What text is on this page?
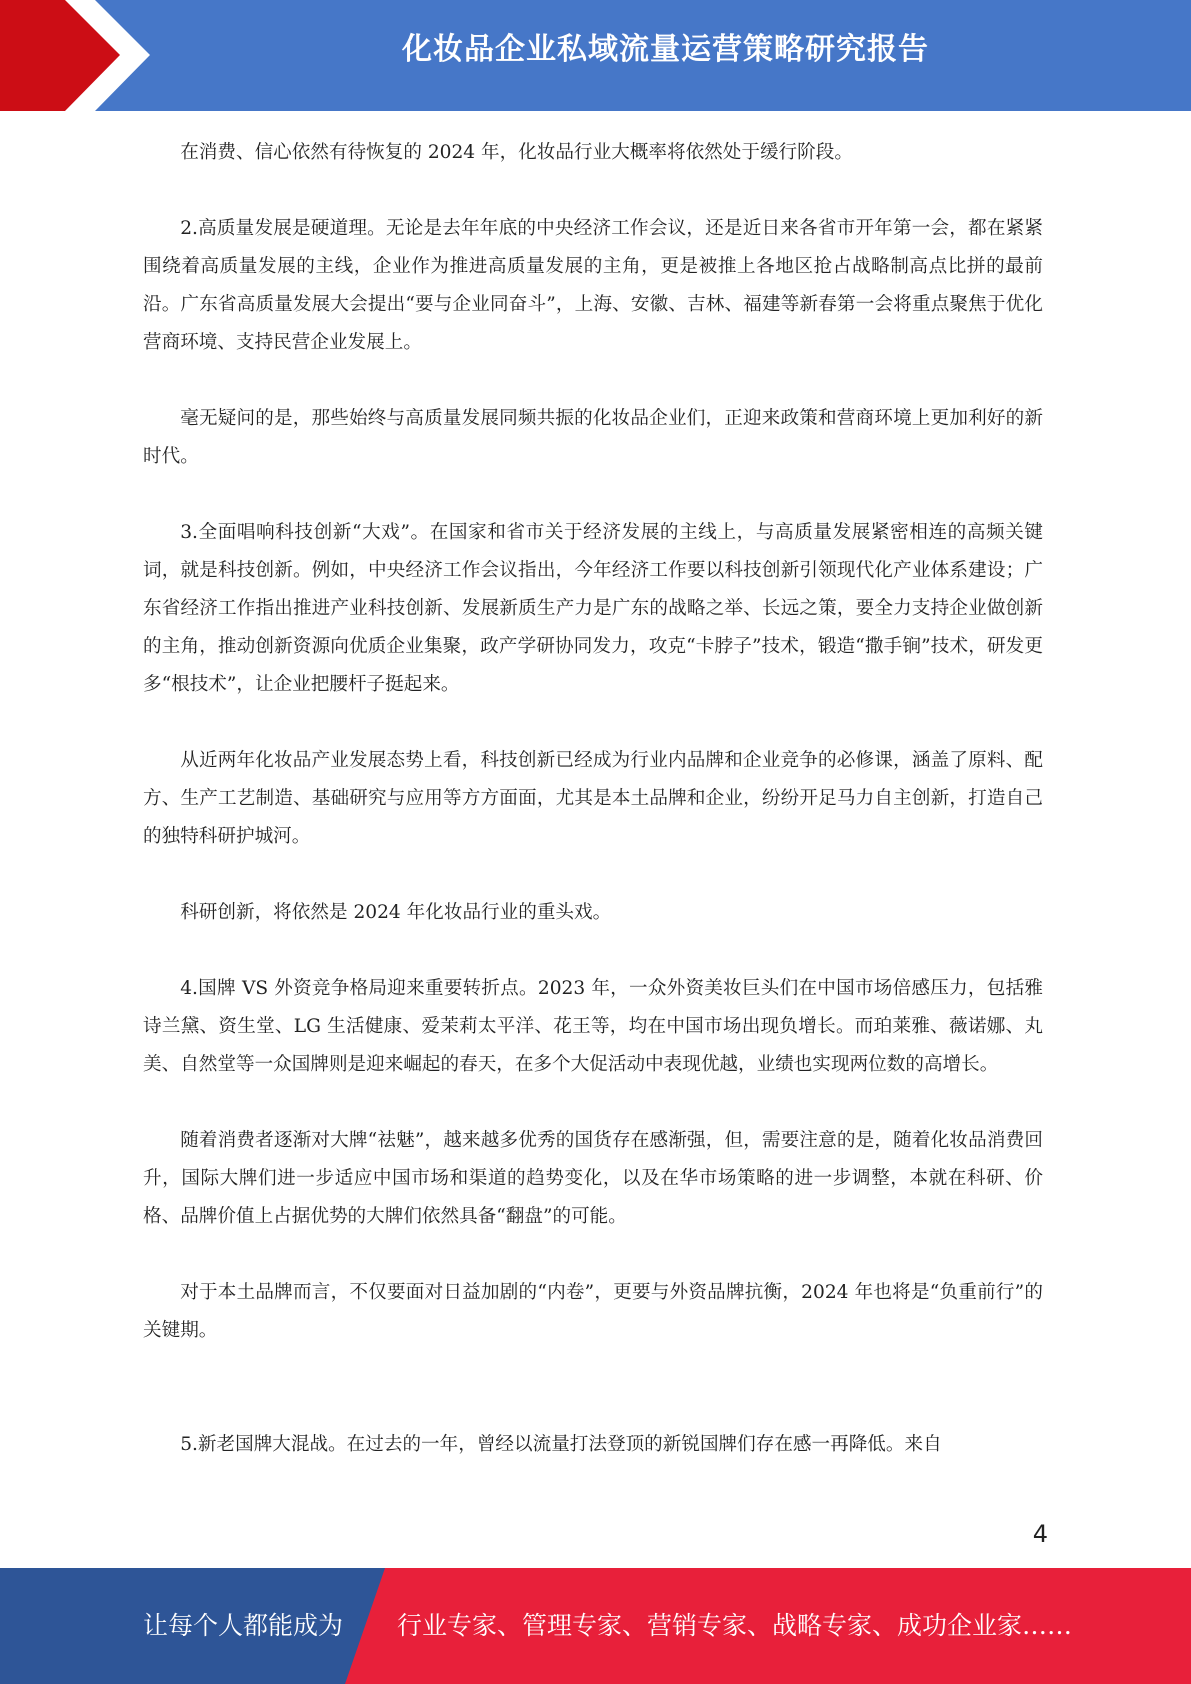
化妆品企业私域流量运营策略研究报告

在消费、信心依然有待恢复的 2024 年，化妆品行业大概率将依然处于缓行阶段。

2.高质量发展是硬道理。无论是去年年底的中央经济工作会议，还是近日来各省市开年第一会，都在紧紧围绕着高质量发展的主线，企业作为推进高质量发展的主角，更是被推上各地区抢占战略制高点比拼的最前沿。广东省高质量发展大会提出“要与企业同奋斗”，上海、安徽、吉林、福建等新春第一会将重点聚焦于优化营商环境、支持民营企业发展上。

毫无疑问的是，那些始终与高质量发展同频共振的化妆品企业们，正迎来政策和营商环境上更加利好的新时代。

3.全面唱响科技创新“大戏”。在国家和省市关于经济发展的主线上，与高质量发展紧密相连的高频关键词，就是科技创新。例如，中央经济工作会议指出，今年经济工作要以科技创新引领现代化产业体系建设；广东省经济工作指出推进产业科技创新、发展新质生产力是广东的战略之举、长远之策，要全力支持企业做创新的主角，推动创新资源向优质企业集聚，政产学研协同发力，攻克“卡脖子”技术，锻造“撒手锏”技术，研发更多“根技术”，让企业把腰杆子挺起来。

从近两年化妆品产业发展态势上看，科技创新已经成为行业内品牌和企业竞争的必修课，涵盖了原料、配方、生产工艺制造、基础研究与应用等方方面面，尤其是本土品牌和企业，纷纷开足马力自主创新，打造自己的独特科研护城河。

科研创新，将依然是 2024 年化妆品行业的重头戏。

4.国牌 VS 外资竞争格局迎来重要转折点。2023 年，一众外资美妆巨头们在中国市场倍感压力，包括雅诗兰黛、资生堂、LG 生活健康、爱茉莉太平洋、花王等，均在中国市场出现负增长。而珀莱雅、薇诺娜、丸美、自然堂等一众国牌则是迎来崛起的春天，在多个大促活动中表现优越，业绩也实现两位数的高增长。

随着消费者逐渐对大牌“祛魅”，越来越多优秀的国货存在感渐强，但，需要注意的是，随着化妆品消费回升，国际大牌们进一步适应中国市场和渠道的趋势变化，以及在华市场策略的进一步调整，本就在科研、价格、品牌价值上占据优势的大牌们依然具备“翻盘”的可能。

对于本土品牌而言，不仅要面对日益加剧的“内卷”，更要与外资品牌抗衡，2024 年也将是“负重前行”的关键期。

5.新老国牌大混战。在过去的一年，曾经以流量打法登顶的新锐国牌们存在感一再降低。来自

4
让每个人都能成为 行业专家、管理专家、营销专家、战略专家、成功企业家……
